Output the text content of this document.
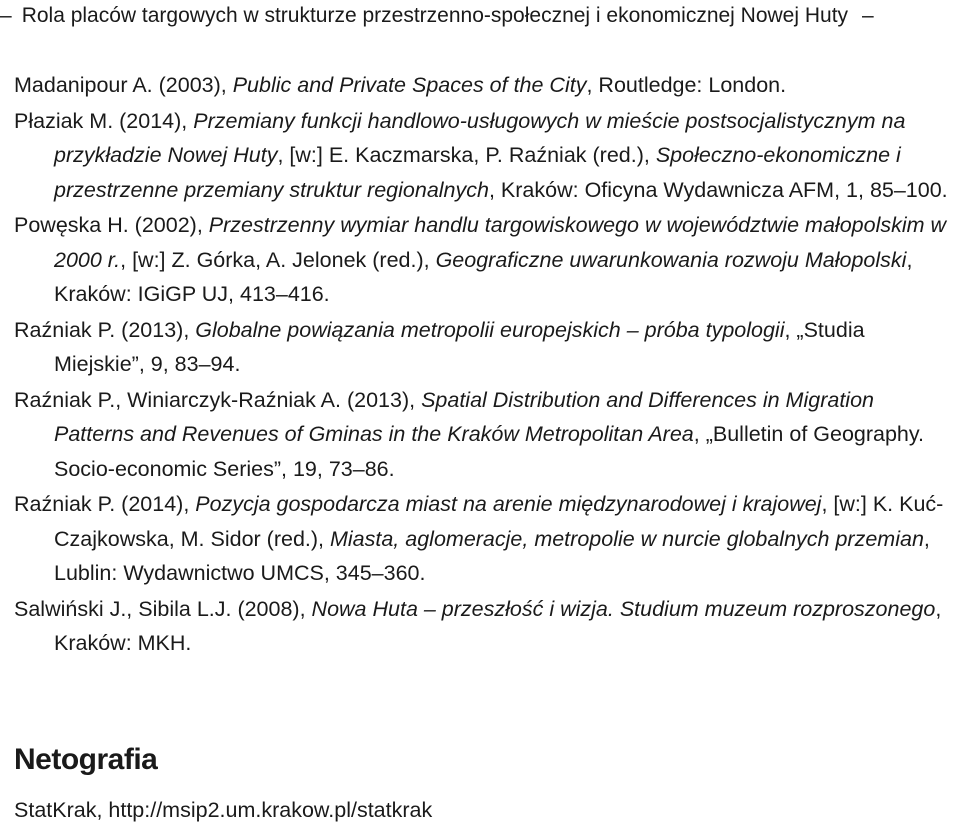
– Rola placów targowych w strukturze przestrzenno-społecznej i ekonomicznej Nowej Huty –
Madanipour A. (2003), Public and Private Spaces of the City, Routledge: London.
Płaziak M. (2014), Przemiany funkcji handlowo-usługowych w mieście postsocjalistycznym na przykładzie Nowej Huty, [w:] E. Kaczmarska, P. Raźniak (red.), Społeczno-ekonomiczne i przestrzenne przemiany struktur regionalnych, Kraków: Oficyna Wydawnicza AFM, 1, 85–100.
Powęska H. (2002), Przestrzenny wymiar handlu targowiskowego w województwie małopolskim w 2000 r., [w:] Z. Górka, A. Jelonek (red.), Geograficzne uwarunkowania rozwoju Małopolski, Kraków: IGiGP UJ, 413–416.
Raźniak P. (2013), Globalne powiązania metropolii europejskich – próba typologii, „Studia Miejskie”, 9, 83–94.
Raźniak P., Winiarczyk-Raźniak A. (2013), Spatial Distribution and Differences in Migration Patterns and Revenues of Gminas in the Kraków Metropolitan Area, „Bulletin of Geography. Socio-economic Series”, 19, 73–86.
Raźniak P. (2014), Pozycja gospodarcza miast na arenie międzynarodowej i krajowej, [w:] K. Kuć-Czajkowska, M. Sidor (red.), Miasta, aglomeracje, metropolie w nurcie globalnych przemian, Lublin: Wydawnictwo UMCS, 345–360.
Salwiński J., Sibila L.J. (2008), Nowa Huta – przeszłość i wizja. Studium muzeum rozproszonego, Kraków: MKH.
Netografia

StatKrak, http://msip2.um.krakow.pl/statkrak
